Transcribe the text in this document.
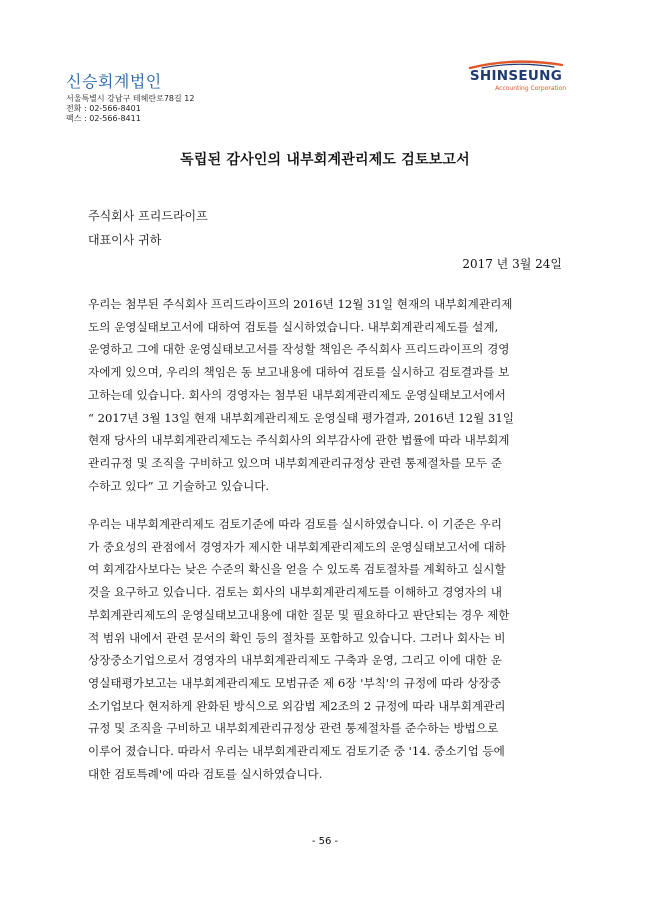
신승회계법인
서울특별시 강남구 테헤란로78길 12
전화 : 02-566-8401
팩스 : 02-566-8411
SHINSEUNG
Accounting Corporation
독립된 감사인의 내부회계관리제도 검토보고서
주식회사 프리드라이프
대표이사 귀하
2017 년 3월 24일
우리는 첨부된 주식회사 프리드라이프의 2016년 12월 31일 현재의 내부회계관리제
도의 운영실태보고서에 대하여 검토를 실시하였습니다. 내부회계관리제도를 설계,
운영하고 그에 대한 운영실태보고서를 작성할 책임은 주식회사 프리드라이프의 경영
자에게 있으며, 우리의 책임은 동 보고내용에 대하여 검토를 실시하고 검토결과를 보
고하는데 있습니다. 회사의 경영자는 첨부된 내부회계관리제도 운영실태보고서에서
“ 2017년 3월 13일 현재 내부회계관리제도 운영실태 평가결과, 2016년 12월 31일
현재 당사의 내부회계관리제도는 주식회사의 외부감사에 관한 법률에 따라 내부회계
관리규정 및 조직을 구비하고 있으며 내부회계관리규정상 관련 통제절차를 모두 준
수하고 있다” 고 기술하고 있습니다.
우리는 내부회계관리제도 검토기준에 따라 검토를 실시하였습니다. 이 기준은 우리
가 중요성의 관점에서 경영자가 제시한 내부회계관리제도의 운영실태보고서에 대하
여 회계감사보다는 낮은 수준의 확신을 얻을 수 있도록 검토절차를 계획하고 실시할
것을 요구하고 있습니다. 검토는 회사의 내부회계관리제도를 이해하고 경영자의 내
부회계관리제도의 운영실태보고내용에 대한 질문 및 필요하다고 판단되는 경우 제한
적 범위 내에서 관련 문서의 확인 등의 절차를 포함하고 있습니다. 그러나 회사는 비
상장중소기업으로서 경영자의 내부회계관리제도 구축과 운영, 그리고 이에 대한 운
영실태평가보고는 내부회계관리제도 모범규준 제 6장 '부칙'의 규정에 따라 상장중
소기업보다 현저하게 완화된 방식으로 외감법 제2조의 2 규정에 따라 내부회계관리
규정 및 조직을 구비하고 내부회계관리규정상 관련 통제절차를 준수하는 방법으로
이루어 졌습니다. 따라서 우리는 내부회계관리제도 검토기준 중 '14. 중소기업 등에
대한 검토특례'에 따라 검토를 실시하였습니다.
- 56 -
